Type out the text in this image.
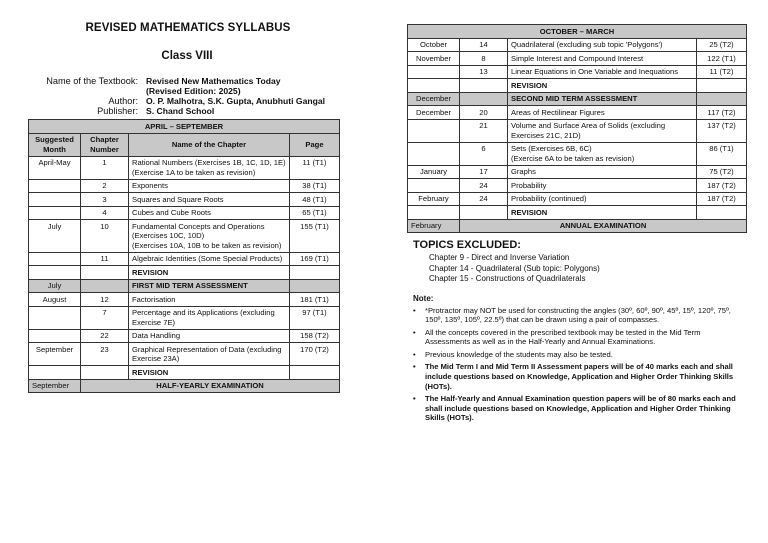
REVISED MATHEMATICS SYLLABUS
Class VIII
Name of the Textbook: Revised New Mathematics Today
(Revised Edition: 2025)
Author: O. P. Malhotra, S.K. Gupta, Anubhuti Gangal
Publisher: S. Chand School
APRIL – SEPTEMBER			
Suggested Month	Chapter Number	Name of the Chapter	Page
April-May	1	Rational Numbers (Exercises 1B, 1C, 1D, 1E)
(Exercise 1A to be taken as revision)	11 (T1)
	2	Exponents	38 (T1)
	3	Squares and Square Roots	48 (T1)
	4	Cubes and Cube Roots	65 (T1)
July	10	Fundamental Concepts and Operations (Exercises 10C, 10D)
(Exercises 10A, 10B to be taken as revision)	155 (T1)
	11	Algebraic Identities (Some Special Products)	169 (T1)

		REVISION	

July		FIRST MID TERM ASSESSMENT	

August	12	Factorisation	181 (T1)
	7	Percentage and its Applications (excluding Exercise 7E)	97 (T1)
	22	Data Handling	158 (T2)
September	23	Graphical Representation of Data (excluding Exercise 23A)	170 (T2)

		REVISION	

September	HALF-YEARLY EXAMINATION		
OCTOBER – MARCH			
October	14	Quadrilateral (excluding sub topic 'Polygons')	25 (T2)
November	8	Simple Interest and Compound Interest	122 (T1)
	13	Linear Equations in One Variable and Inequations	11 (T2)

		REVISION	

December		SECOND MID TERM ASSESSMENT	

December	20	Areas of Rectilinear Figures	117 (T2)
	21	Volume and Surface Area of Solids (excluding Exercises 21C, 21D)	137 (T2)
	6	Sets (Exercises 6B, 6C)
(Exercise 6A to be taken as revision)	86 (T1)
January	17	Graphs	75 (T2)
	24	Probability	187 (T2)
February	24	Probability (continued)	187 (T2)

		REVISION	

February	ANNUAL EXAMINATION		
TOPICS EXCLUDED:
Chapter 9 - Direct and Inverse Variation
Chapter 14 - Quadrilateral (Sub topic: Polygons)
Chapter 15 - Constructions of Quadrilaterals
Note:
• *Protractor may NOT be used for constructing the angles (30º, 60º, 90º, 45º, 15º, 120º, 75º, 150º, 135º, 105º, 22.5º) that can be drawn using a pair of compasses.
• All the concepts covered in the prescribed textbook may be tested in the Mid Term Assessments as well as in the Half-Yearly and Annual Examinations.
• Previous knowledge of the students may also be tested.
• The Mid Term I and Mid Term II Assessment papers will be of 40 marks each and shall include questions based on Knowledge, Application and Higher Order Thinking Skills (HOTs).
• The Half-Yearly and Annual Examination question papers will be of 80 marks each and shall include questions based on Knowledge, Application and Higher Order Thinking Skills (HOTs).
